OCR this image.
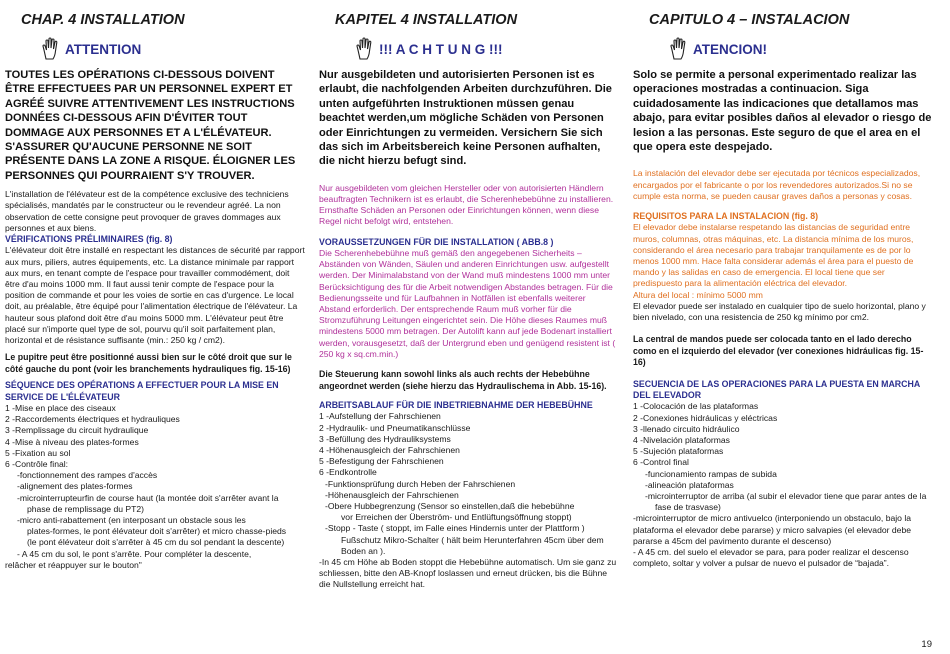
CHAP. 4 INSTALLATION
ATTENTION

TOUTES LES OPÉRATIONS CI-DESSOUS DOIVENT ÊTRE EFFECTUEES PAR UN PERSONNEL EXPERT ET AGRÉÉ SUIVRE ATTENTIVEMENT LES INSTRUCTIONS DONNÉES CI-DESSOUS AFIN D'ÉVITER TOUT DOMMAGE AUX PERSONNES ET A L'ÉLÉVATEUR. S'ASSURER QU'AUCUNE PERSONNE NE SOIT PRÉSENTE DANS LA ZONE A RISQUE. ÉLOIGNER LES PERSONNES QUI POURRAIENT S'Y TROUVER.

L'installation de l'élévateur est de la compétence exclusive des techniciens spécialisés, mandatés par le constructeur ou le revendeur agréé. La non observation de cette consigne peut provoquer de graves dommages aux personnes et aux biens.

VÉRIFICATIONS PRÉLIMINAIRES (fig. 8)

L'élévateur doit être installé en respectant les distances de sécurité par rapport aux murs, piliers, autres équipements, etc. La distance minimale par rapport aux murs, en tenant compte de l'espace pour travailler commodément, doit être d'au moins 1000 mm. Il faut aussi tenir compte de l'espace pour la position de commande et pour les voies de sortie en cas d'urgence. Le local doit, au préalable, être équipé pour l'alimentation électrique de l'élévateur. La hauteur sous plafond doit être d'au moins 5000 mm. L'élévateur peut être placé sur n'importe quel type de sol, pourvu qu'il soit parfaitement plan, horizontal et de résistance suffisante (min.: 250 kg / cm2).

Le pupitre peut être positionné aussi bien sur le côté droit que sur le côté gauche du pont (voir les branchements hydrauliques fig. 15-16)
SÉQUENCE DES OPÉRATIONS A EFFECTUER POUR LA MISE EN SERVICE DE L'ÉLÉVATEUR
1 -Mise en place des ciseaux
2 -Raccordements électriques et hydrauliques
3 -Remplissage du circuit hydraulique
4 -Mise à niveau des plates-formes
5 -Fixation au sol
6 -Contrôle final:
-fonctionnement des rampes d'accès
-alignement des plates-formes
-microinterrupteurfin de course haut (la montée doit s'arrêter avant la
phase de remplissage du PT2)
-micro anti-rabattement (en interposant un obstacle sous les
plates-formes, le pont élévateur doit s'arrêter) et micro chasse-pieds
(le pont élévateur doit s'arrêter à 45 cm du sol pendant la descente)
- A 45 cm du sol, le pont s'arrête. Pour compléter la descente,
relâcher et réappuyer sur le bouton"
KAPITEL 4 INSTALLATION
!!! A C H T U N G !!!

Nur ausgebildeten und autorisierten Personen ist es erlaubt, die nachfolgenden Arbeiten durchzuführen. Die unten aufgeführten Instruktionen müssen genau beachtet werden,um mögliche Schäden von Personen oder Einrichtungen zu vermeiden. Versichern Sie sich das sich im Arbeitsbereich keine Personen aufhalten, die nicht hierzu befugt sind.

Nur ausgebildeten vom gleichen Hersteller oder von autorisierten Händlern beauftragten Technikern ist es erlaubt, die Scherenhebebühne zu installieren. Ernsthafte Schäden an Personen oder Einrichtungen können, wenn diese Regel nicht befolgt wird, entstehen.

VORAUSSETZUNGEN FÜR DIE INSTALLATION ( ABB.8 )

Die Scherenhebebühne muß gemäß den angegebenen Sicherheits – Abständen von Wänden, Säulen und anderen Einrichtungen usw. aufgestellt werden. Der Minimalabstand von der Wand muß mindestens 1000 mm unter Berücksichtigung des für die Arbeit notwendigen Abstandes betragen. Für die Bedienungsseite und für Laufbahnen in Notfällen ist ebenfalls weiterer Abstand erforderlich. Der entsprechende Raum muß vorher für die Stromzuführung Leitungen eingerichtet sein. Die Höhe dieses Raumes muß mindestens 5000 mm betragen. Der Autolift kann auf jede Bodenart installiert werden, vorausgesetzt, daß der Untergrund eben und genügend resistent ist ( 250 kg x sq.cm.min.)

Die Steuerung kann sowohl links als auch rechts der Hebebühne angeordnet werden (siehe hierzu das Hydraulischema in Abb. 15-16).
ARBEITSABLAUF FÜR DIE INBETRIEBNAHME DER HEBEBÜHNE
1 -Aufstellung der Fahrschienen
2 -Hydraulik- und Pneumatikanschlüsse
3 -Befüllung des Hydrauliksystems
4 -Höhenausgleich der Fahrschienen
5 -Befestigung der Fahrschienen
6 -Endkontrolle
-Funktionsprüfung durch Heben der Fahrschienen
-Höhenausgleich der Fahrschienen
-Obere Hubbegrenzung (Sensor so einstellen,daß die hebebühne
vor Erreichen der Überström- und Entlüftungsöffnung stoppt)
-Stopp - Taste ( stoppt, im Falle eines Hindernis unter der Plattform )
Fußschutz Mikro-Schalter ( hält beim Herunterfahren 45cm über dem
Boden an ).
-In 45 cm Höhe ab Boden stoppt die Hebebühne automatisch. Um sie ganz zu schliessen, bitte den AB-Knopf loslassen und erneut drücken, bis die Bühne die Nullstellung erreicht hat.
CAPITULO 4 – INSTALACION
ATENCION!

Solo se permite a personal experimentado realizar las operaciones mostradas a continuacion. Siga cuidadosamente las indicaciones que detallamos mas abajo, para evitar posibles daños al elevador o riesgo de lesion a las personas. Este seguro de que el area en el que opera este despejado.

La instalación del elevador debe ser ejecutada por técnicos especializados, encargados por el fabricante o por los revendedores autorizados.Si no se cumple esta norma, se pueden causar graves daños a personas y cosas.

REQUISITOS PARA LA INSTALACION (fig. 8)

El elevador debe instalarse respetando las distancias de seguridad entre muros, columnas, otras máquinas, etc. La distancia mínima de los muros, considerando el área necesario para trabajar tranquilamente es de por lo menos 1000 mm. Hace falta considerar además el área para el puesto de mando y las salidas en caso de emergencia. El local tiene que ser predispuesto para la alimentación eléctrica del elevador.

Altura del local : mínimo 5000 mm

El elevador puede ser instalado en cualquier tipo de suelo horizontal, plano y bien nivelado, con una resistencia de 250 kg mínimo por cm2.

La central de mandos puede ser colocada tanto en el lado derecho como en el izquierdo del elevador (ver conexiones hidráulicas fig. 15-16)
SECUENCIA DE LAS OPERACIONES PARA LA PUESTA EN MARCHA DEL ELEVADOR
1 -Colocación de las plataformas
2 -Conexiones hidráulicas y eléctricas
3 -llenado circuito hidráulico
4 -Nivelación plataformas
5 -Sujeción plataformas
6 -Control final
-funcionamiento rampas de subida
-alineación plataformas
-microinterruptor de arriba (al subir el elevador tiene que parar antes de la
fase de trasvase)
-microinterruptor de micro antivuelco (interponiendo un obstaculo, bajo la plataforma el elevador debe pararse) y micro salvapies (el elevador debe pararse a 45cm del pavimento durante el descenso)
- A 45 cm. del suelo el elevador se para, para poder realizar el descenso completo, soltar y volver a pulsar de nuevo el pulsador de “bajada”.
19
